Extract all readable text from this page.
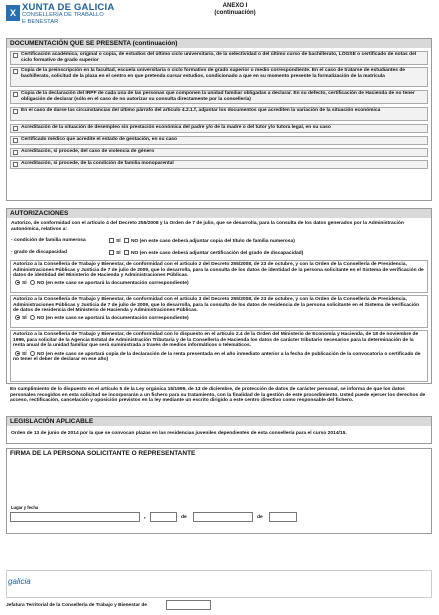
X XUNTA DE GALICIA
CONSELLERÍA DE TRABALLO
E BENESTAR
ANEXO I
(continuación)
DOCUMENTACIÓN QUE SE PRESENTA (continuación)
Certificación académica, original o copia, de estudios del último ciclo universitario, de la selectividad o del último curso de bachillerato, LOGSE o certificado de notas del ciclo formativo de grado superior
Copia de la preinscripción en la facultad, escuela universitaria o ciclo formativo de grado superior o medio correspondiente. En el caso de tratarse de estudiantes de bachillerato, solicitud de la plaza en el centro en que pretenda cursar estudios, condicionado a que en su momento presente la formalización de la matrícula
Copia de la declaración del IRPF de cada una de las personas que componen la unidad familiar obligadas a declarar. En su defecto, certificación de Hacienda de no tener obligación de declarar (sólo en el caso de no autorizar su consulta directamente por la consellería)
En el caso de darse las circunstancias del último párrafo del artículo 4.2.1.f, adjuntar los documentos que acrediten la variación de la situación económica
Acreditación de la situación de desempleo sin prestación económica del padre y/o de la madre o del tutor y/o tutora legal, en su caso
Certificado médico que acredite el estado de gestación, en su caso
Acreditación, si procede, del caso de violencia de género
Acreditación, si procede, de la condición de familia monoparental
AUTORIZACIONES
Autorizo, de conformidad con el artículo 4 del Decreto 255/2008 y la Orden de 7 de julio, que se desarrolla, para la consulta de los datos generados por la Administración autonómica, relativos a:
- condición de familia numerosa	SÍ NO (en este caso deberá adjuntar copia del título de familia numerosa)
- grado de discapacidad	SÍ NO (en este caso deberá adjuntar certificación del grado de discapacidad)
Autorizo a la Consellería de Trabajo y Bienestar, de conformidad con el artículo 2 del Decreto 255/2008, de 23 de octubre, y con la Orden de la Consellería de Presidencia, Administraciones Públicas y Justicia de 7 de julio de 2009, que lo desarrolla, para la consulta de los datos de identidad de la persona solicitante en el Sistema de verificación de datos de identidad del Ministerio de Hacienda y Administraciones Públicas.
SÍ NO (en este caso se aportará la documentación correspondiente)
Autorizo a la Consellería de Trabajo y Bienestar, de conformidad con el artículo 3 del Decreto 255/2008, de 23 de octubre, y con la Orden de la Consellería de Presidencia, Administraciones Públicas y Justicia de 7 de julio de 2009, que lo desarrolla, para la consulta de los datos de residencia de la persona solicitante en el Sistema de verificación de datos de residencia del Ministerio de Hacienda y Administraciones Públicas.
SÍ NO (en este caso se aportará la documentación correspondiente)
Autorizo a la Consellería de Trabajo y Bienestar, de conformidad con lo dispuesto en el artículo 2.4 de la Orden del Ministerio de Economía y Hacienda, de 18 de noviembre de 1999, para solicitar de la Agencia Estatal de Administración Tributaria y de la Consellería de Hacienda los datos de carácter tributario necesarios para la determinación de la renta anual de la unidad familiar que será suministrada a través de medios informáticos o telemáticos.
SÍ NO (en este caso se aportará copia de la declaración de la renta presentada en el año inmediato anterior a la fecha de publicación de la convocatoria o certificado de no tener el deber de declarar en ese año)
En cumplimiento de lo dispuesto en el artículo 5 de la Ley orgánica 15/1999, de 13 de diciembre, de protección de datos de carácter personal, se informa de que los datos personales recogidos en esta solicitud se incorporarán a un fichero para su tratamiento, con la finalidad de la gestión de este procedimiento. Usted puede ejercer los derechos de acceso, rectificación, cancelación y oposición previstos en la ley mediante un escrito dirigido a este centro directivo como responsable del fichero.
LEGISLACIÓN APLICABLE
Orden de 13 de junio de 2014 por la que se convocan plazas en las residencias juveniles dependientes de esta consellería para el curso 2014/15.
FIRMA DE LA PERSONA SOLICITANTE O REPRESENTANTE
Lugar y fecha
,	de	de
galicia
Jefatura Territorial de la Consellería de Trabajo y Bienestar de
